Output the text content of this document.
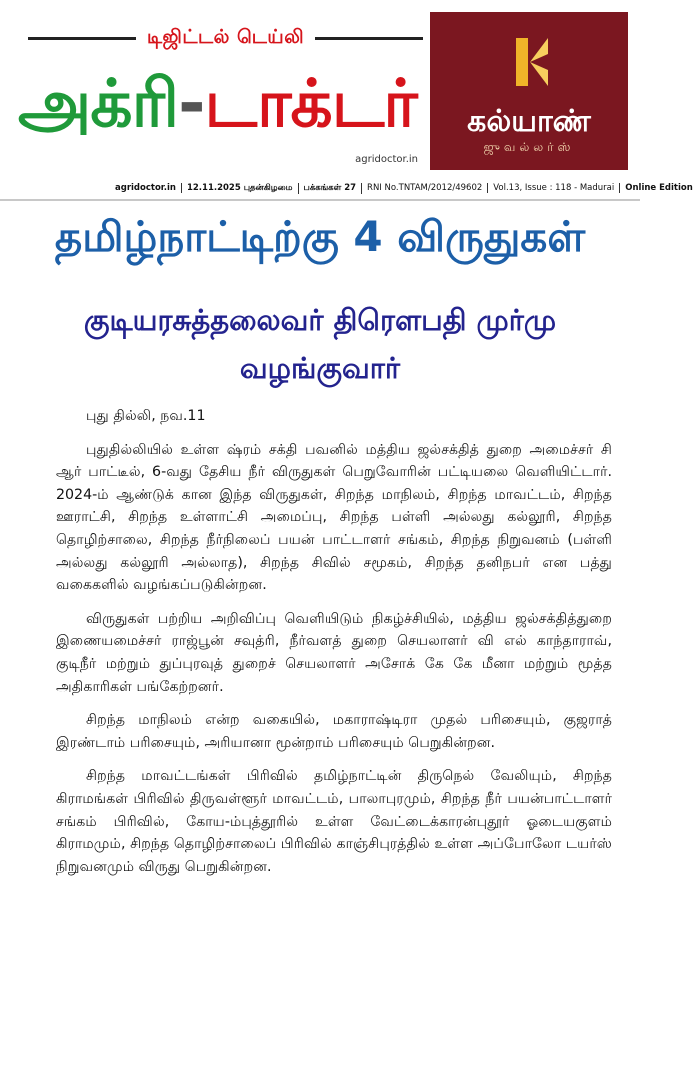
டிஜிட்டல் டெய்லி
அக்ரி-டாக்டர்
agridoctor.in
கல்யாண்
ஜுவல்லர்ஸ்
agridoctor.in	12.11.2025 புதன்கிழமை	பக்கங்கள் 27	RNI No.TNTAM/2012/49602	Vol.13, Issue : 118 - Madurai	Online Edition
தமிழ்நாட்டிற்கு 4 விருதுகள்
குடியரசுத்தலைவர் திரௌபதி முர்மு வழங்குவார்

புது தில்லி, நவ.11

புதுதில்லியில் உள்ள ஷ்ரம் சக்தி பவனில் மத்திய ஜல்சக்தித் துறை அமைச்சர் சி ஆர் பாட்டீல், 6-வது தேசிய நீர் விருதுகள் பெறுவோரின் பட்டியலை வெளியிட்டார். 2024-ம் ஆண்டுக் கான இந்த விருதுகள், சிறந்த மாநிலம், சிறந்த மாவட்டம், சிறந்த ஊராட்சி, சிறந்த உள்ளாட்சி அமைப்பு, சிறந்த பள்ளி அல்லது கல்லூரி, சிறந்த தொழிற்சாலை, சிறந்த நீர்நிலைப் பயன் பாட்டாளர் சங்கம், சிறந்த நிறுவனம் (பள்ளி அல்லது கல்லூரி அல்லாத), சிறந்த சிவில் சமூகம், சிறந்த தனிநபர் என பத்து வகைகளில் வழங்கப்படுகின்றன.

விருதுகள் பற்றிய அறிவிப்பு வெளியிடும் நிகழ்ச்சியில், மத்திய ஜல்சக்தித்துறை இணையமைச்சர் ராஜ்பூன் சவுத்ரி, நீர்வளத் துறை செயலாளர் வி எல் காந்தாராவ், குடிநீர் மற்றும் துப்புரவுத் துறைச் செயலாளர் அசோக் கே கே மீனா மற்றும் மூத்த அதிகாரிகள் பங்கேற்றனர்.

சிறந்த மாநிலம் என்ற வகையில், மகாராஷ்டிரா முதல் பரிசையும், குஜராத் இரண்டாம் பரிசையும், அரியானா மூன்றாம் பரிசையும் பெறுகின்றன.

சிறந்த மாவட்டங்கள் பிரிவில் தமிழ்நாட்டின் திருநெல் வேலியும், சிறந்த கிராமங்கள் பிரிவில் திருவள்ளூர் மாவட்டம், பாலாபுரமும், சிறந்த நீர் பயன்பாட்டாளர் சங்கம் பிரிவில், கோய-ம்புத்தூரில் உள்ள வேட்டைக்காரன்புதூர் ஓடையகுளம் கிராமமும், சிறந்த தொழிற்சாலைப் பிரிவில் காஞ்சிபுரத்தில் உள்ள அப்போலோ டயர்ஸ் நிறுவனமும் விருது பெறுகின்றன.
